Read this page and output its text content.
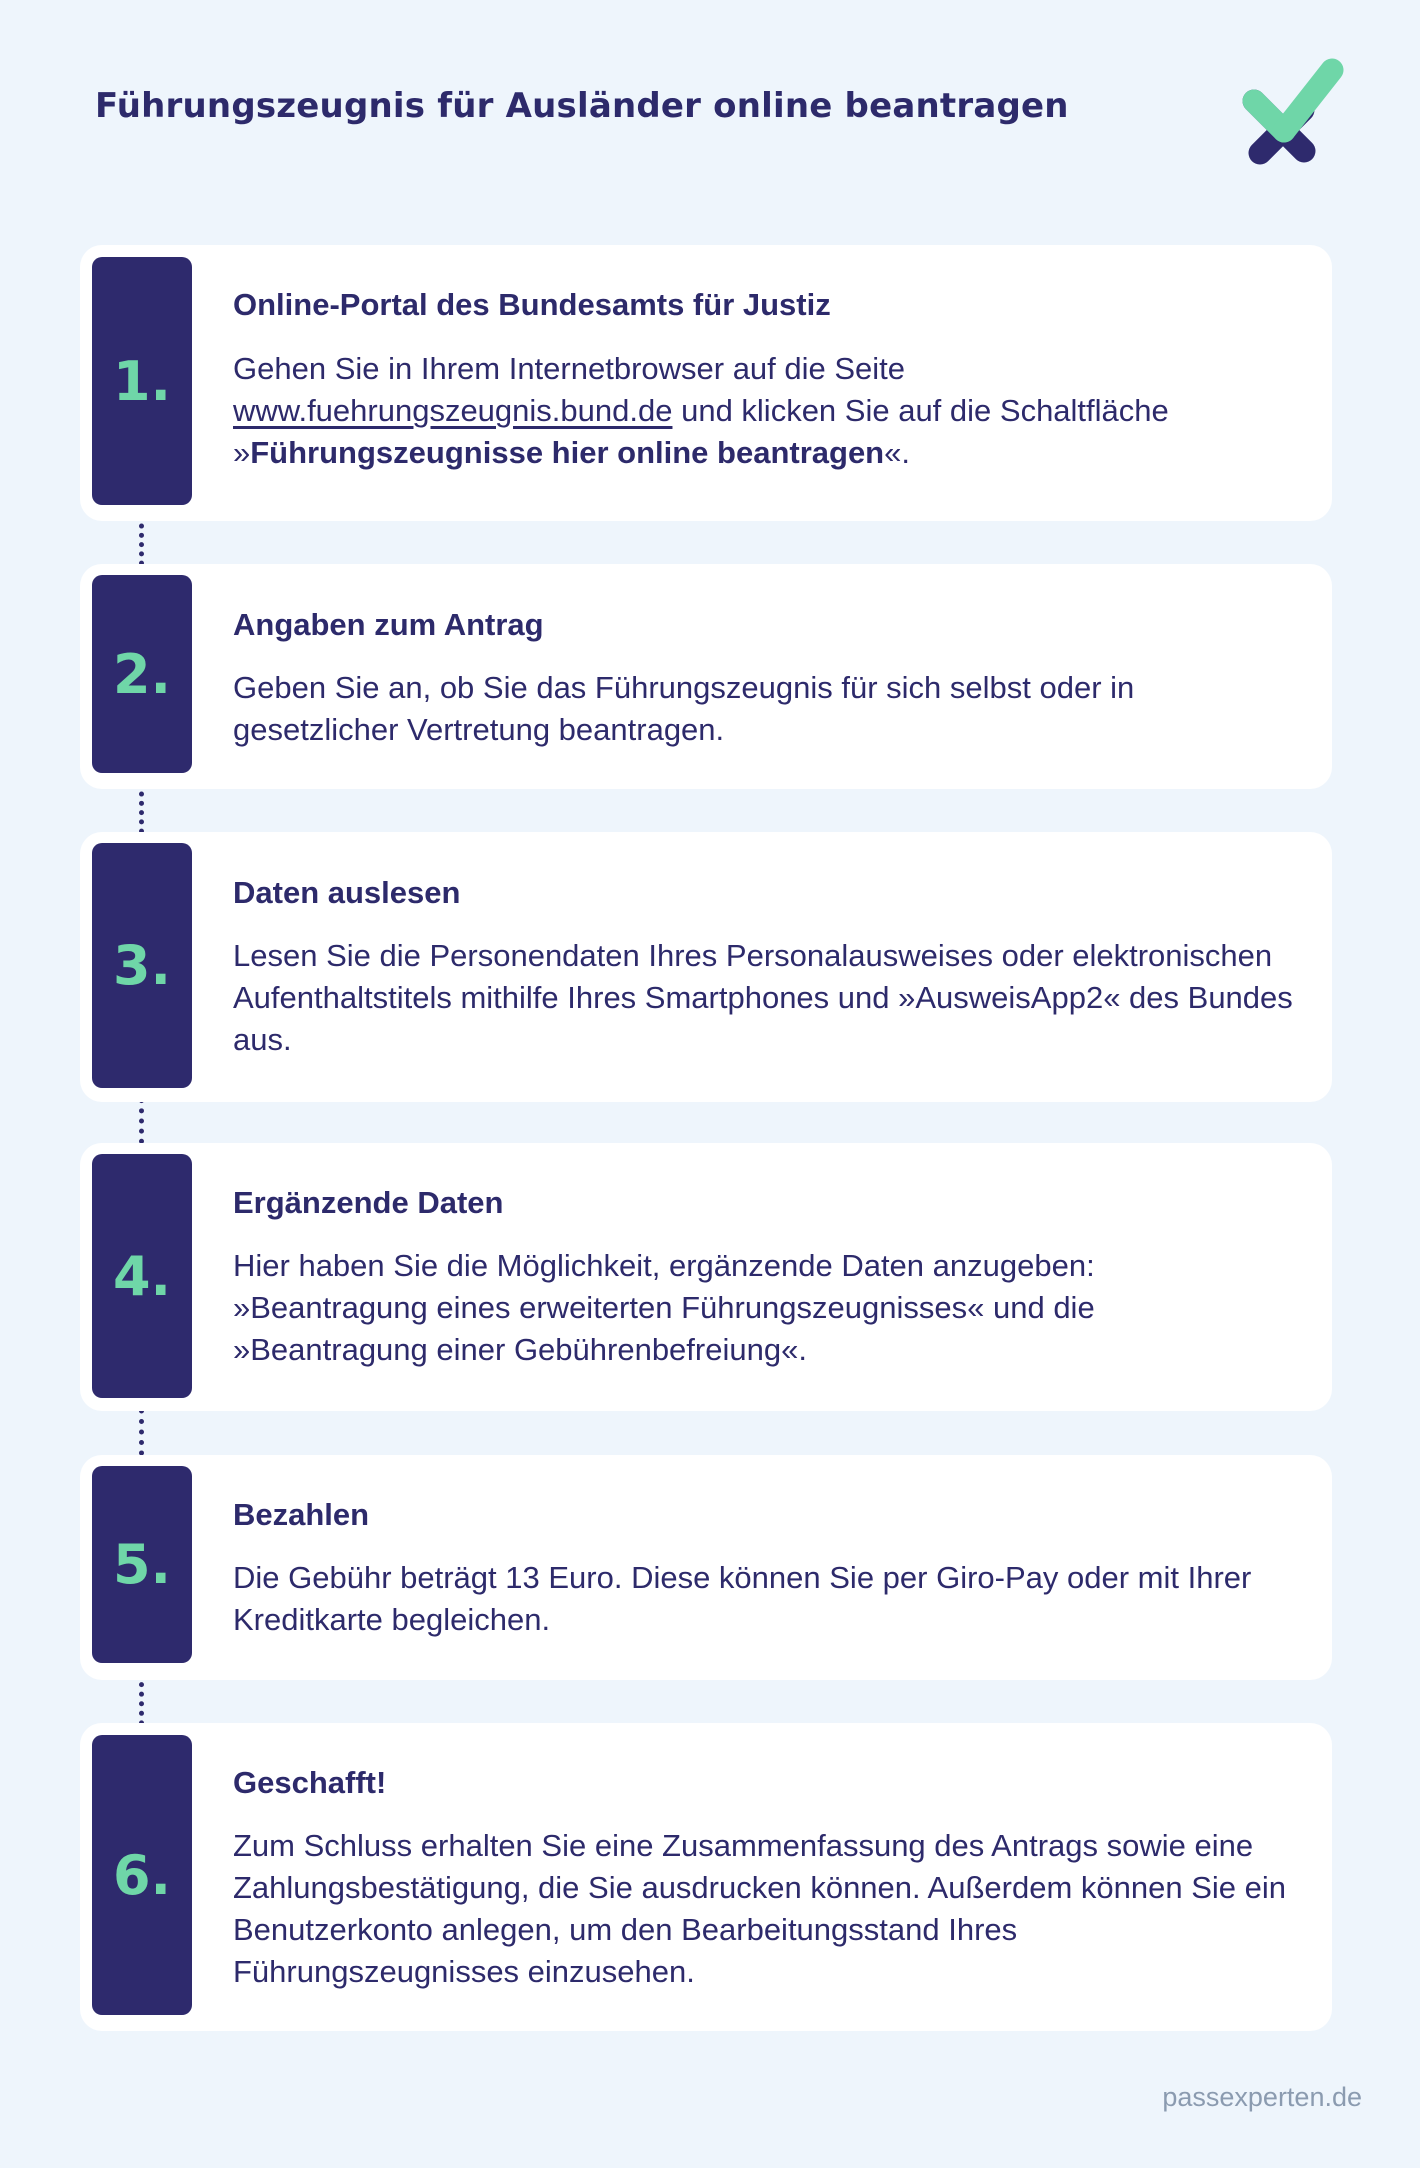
Führungszeugnis für Ausländer online beantragen
1.
Online-Portal des Bundesamts für Justiz
Gehen Sie in Ihrem Internetbrowser auf die Seite
www.fuehrungszeugnis.bund.de und klicken Sie auf die Schaltfläche
»Führungszeugnisse hier online beantragen«.
2.
Angaben zum Antrag
Geben Sie an, ob Sie das Führungszeugnis für sich selbst oder in gesetzlicher Vertretung beantragen.
3.
Daten auslesen
Lesen Sie die Personendaten Ihres Personalausweises oder elektronischen Aufenthaltstitels mithilfe Ihres Smartphones und »AusweisApp2« des Bundes aus.
4.
Ergänzende Daten
Hier haben Sie die Möglichkeit, ergänzende Daten anzugeben: »Beantragung eines erweiterten Führungszeugnisses« und die »Beantragung einer Gebührenbefreiung«.
5.
Bezahlen
Die Gebühr beträgt 13 Euro. Diese können Sie per Giro-Pay oder mit Ihrer Kreditkarte begleichen.
6.
Geschafft!
Zum Schluss erhalten Sie eine Zusammenfassung des Antrags sowie eine Zahlungsbestätigung, die Sie ausdrucken können. Außerdem können Sie ein Benutzerkonto anlegen, um den Bearbeitungsstand Ihres Führungszeugnisses einzusehen.
passexperten.de
